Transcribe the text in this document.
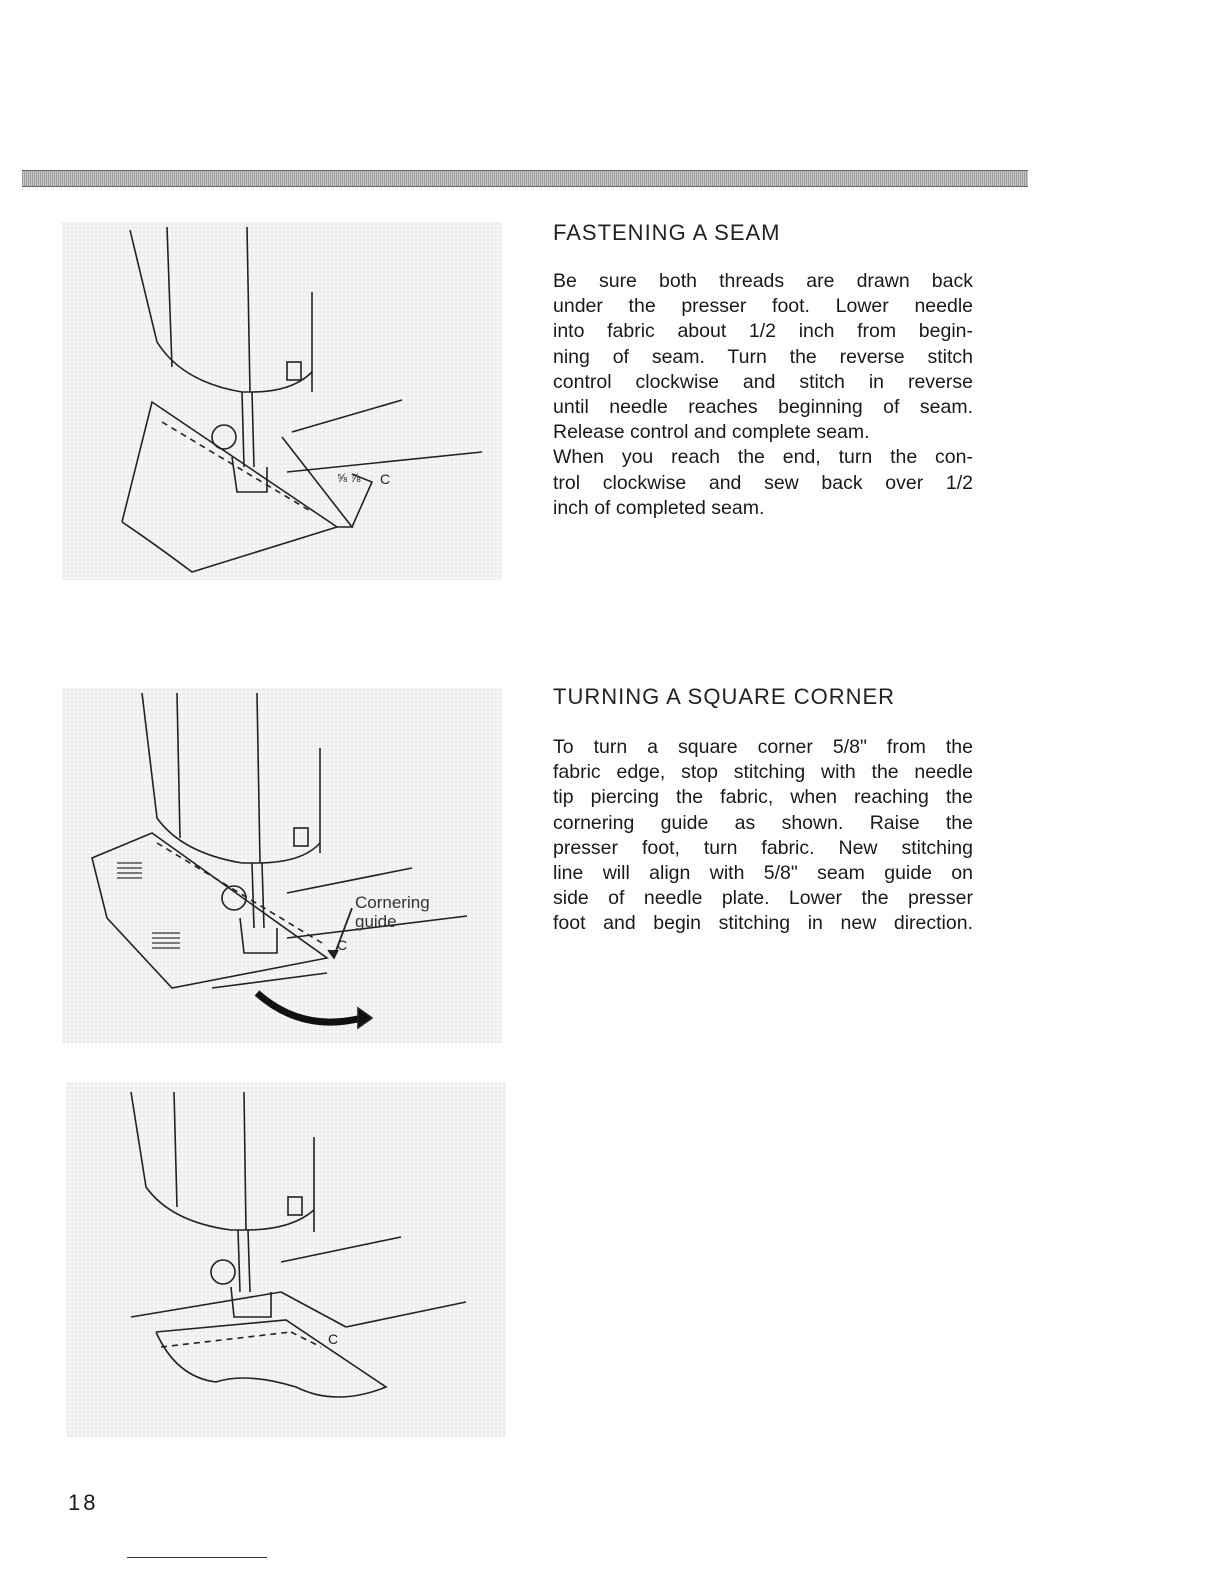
⅝ ⅞ C
FASTENING A SEAM
Be sure both threads are drawn back
under the presser foot. Lower needle
into fabric about 1/2 inch from begin-
ning of seam. Turn the reverse stitch
control clockwise and stitch in reverse
until needle reaches beginning of seam.
Release control and complete seam.
When you reach the end, turn the con-
trol clockwise and sew back over 1/2
inch of completed seam.
C
Cornering
guide
TURNING A SQUARE CORNER
To turn a square corner 5/8" from the
fabric edge, stop stitching with the needle
tip piercing the fabric, when reaching the
cornering guide as shown. Raise the
presser foot, turn fabric. New stitching
line will align with 5/8" seam guide on
side of needle plate. Lower the presser
foot and begin stitching in new direction.
C
18
